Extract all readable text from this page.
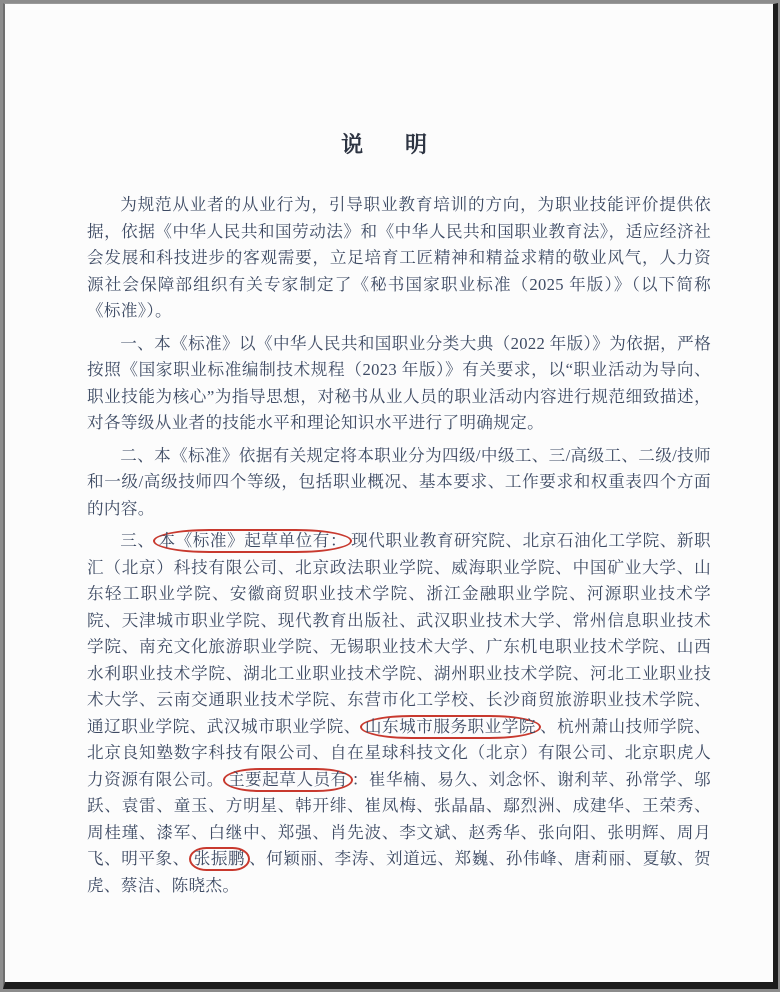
说　明

为规范从业者的从业行为，引导职业教育培训的方向，为职业技能评价提供依据，依据《中华人民共和国劳动法》和《中华人民共和国职业教育法》，适应经济社会发展和科技进步的客观需要，立足培育工匠精神和精益求精的敬业风气，人力资源社会保障部组织有关专家制定了《秘书国家职业标准（2025 年版）》（以下简称《标准》）。

一、本《标准》以《中华人民共和国职业分类大典（2022 年版）》为依据，严格按照《国家职业标准编制技术规程（2023 年版）》有关要求，以“职业活动为导向、职业技能为核心”为指导思想，对秘书从业人员的职业活动内容进行规范细致描述，对各等级从业者的技能水平和理论知识水平进行了明确规定。

二、本《标准》依据有关规定将本职业分为四级/中级工、三/高级工、二级/技师和一级/高级技师四个等级，包括职业概况、基本要求、工作要求和权重表四个方面的内容。

三、 本《标准》起草单位有： 现代职业教育研究院、北京石油化工学院、新职汇（北京）科技有限公司、北京政法职业学院、威海职业学院、中国矿业大学、山东轻工职业学院、安徽商贸职业技术学院、浙江金融职业学院、河源职业技术学院、天津城市职业学院、现代教育出版社、武汉职业技术大学、常州信息职业技术学院、南充文化旅游职业学院、无锡职业技术大学、广东机电职业技术学院、山西水利职业技术学院、湖北工业职业技术学院、湖州职业技术学院、河北工业职业技术大学、云南交通职业技术学院、东营市化工学校、长沙商贸旅游职业技术学院、通辽职业学院、武汉城市职业学院、 山东城市服务职业学院 、杭州萧山技师学院、北京良知塾数字科技有限公司、自在星球科技文化（北京）有限公司、北京职虎人力资源有限公司。 主要起草人员有 ：崔华楠、易久、刘念怀、谢利苹、孙常学、邬跃、袁雷、童玉、方明星、韩开绯、崔凤梅、张晶晶、鄢烈洲、成建华、王荣秀、周桂瑾、漆军、白继中、郑强、肖先波、李文斌、赵秀华、张向阳、张明辉、周月飞、明平象、 张振鹏 、何颖丽、李涛、刘道远、郑巍、孙伟峰、唐莉丽、夏敏、贺虎、蔡洁、陈晓杰。
